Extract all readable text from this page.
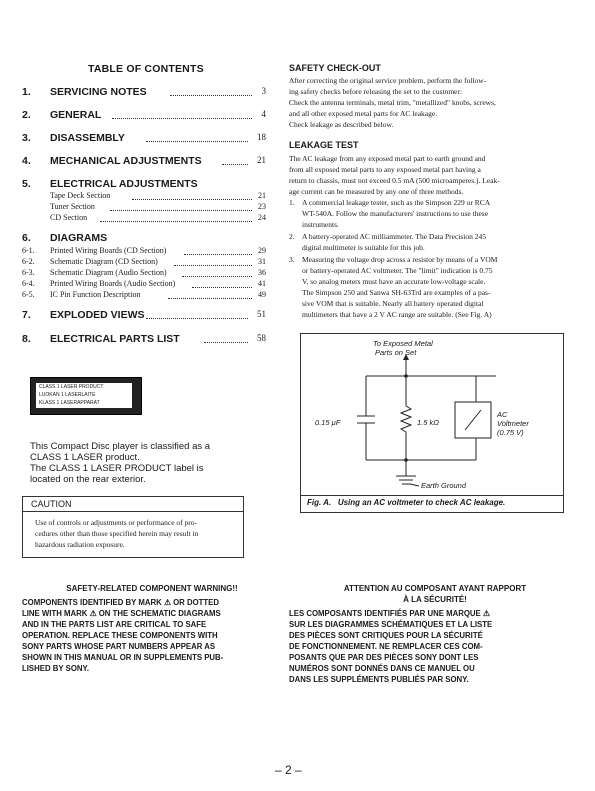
TABLE OF CONTENTS
1. SERVICING NOTES	3
2. GENERAL	4
3. DISASSEMBLY	18
4. MECHANICAL ADJUSTMENTS	21
5. ELECTRICAL ADJUSTMENTS
Tape Deck Section	21
Tuner Section	23
CD Section	24
6. DIAGRAMS
6-1. Printed Wiring Boards (CD Section)	29
6-2. Schematic Diagram (CD Section)	31
6-3. Schematic Diagram (Audio Section)	36
6-4. Printed Wiring Boards (Audio Section)	41
6-5. IC Pin Function Description	49
7. EXPLODED VIEWS	51
8. ELECTRICAL PARTS LIST	58
CLASS 1 LASER PRODUCT
LUOKAN 1 LASERLAITE
KLASS 1 LASERAPPARAT
This Compact Disc player is classified as a
CLASS 1 LASER product.
The CLASS 1 LASER PRODUCT label is
located on the rear exterior.
CAUTION
Use of controls or adjustments or performance of pro-
cedures other than those specified herein may result in
hazardous radiation exposure.
SAFETY CHECK-OUT
After correcting the original service problem, perform the follow-
ing safety checks before releasing the set to the customer:
Check the antenna terminals, metal trim, "metallized" knobs, screws,
and all other exposed metal parts for AC leakage.
Check leakage as described below.
LEAKAGE TEST
The AC leakage from any exposed metal part to earth ground and
from all exposed metal parts to any exposed metal part having a
return to chassis, must not exceed 0.5 mA (500 microamperes.). Leak-
age current can be measured by any one of three methods.
1. A commercial leakage tester, such as the Simpson 229 or RCA
WT-540A. Follow the manufacturers' instructions to use these
instruments.
2. A battery-operated AC milliammeter. The Data Precision 245
digital multimeter is suitable for this job.
3. Measuring the voltage drop across a resistor by means of a VOM
or battery-operated AC voltmeter. The "limit" indication is 0.75
V, so analog meters must have an accurate low-voltage scale.
The Simpson 250 and Sanwa SH-63Trd are examples of a pas-
sive VOM that is suitable. Nearly all battery operated digital
multimeters that have a 2 V AC range are suitable. (See Fig. A)
To Exposed Metal
Parts on Set
0.15 μF	1.5 kΩ
AC
Voltmeter
(0.75 V)
Earth Ground
Fig. A.   Using an AC voltmeter to check AC leakage.
SAFETY-RELATED COMPONENT WARNING!!
COMPONENTS IDENTIFIED BY MARK ⚠ OR DOTTED
LINE WITH MARK ⚠ ON THE SCHEMATIC DIAGRAMS
AND IN THE PARTS LIST ARE CRITICAL TO SAFE
OPERATION. REPLACE THESE COMPONENTS WITH
SONY PARTS WHOSE PART NUMBERS APPEAR AS
SHOWN IN THIS MANUAL OR IN SUPPLEMENTS PUB-
LISHED BY SONY.
ATTENTION AU COMPOSANT AYANT RAPPORT
À LA SÉCURITÉ!
LES COMPOSANTS IDENTIFIÉS PAR UNE MARQUE ⚠
SUR LES DIAGRAMMES SCHÉMATIQUES ET LA LISTE
DES PIÈCES SONT CRITIQUES POUR LA SÉCURITÉ
DE FONCTIONNEMENT. NE REMPLACER CES COM-
POSANTS QUE PAR DES PIÈCES SONY DONT LES
NUMÉROS SONT DONNÉS DANS CE MANUEL OU
DANS LES SUPPLÉMENTS PUBLIÉS PAR SONY.
– 2 –
